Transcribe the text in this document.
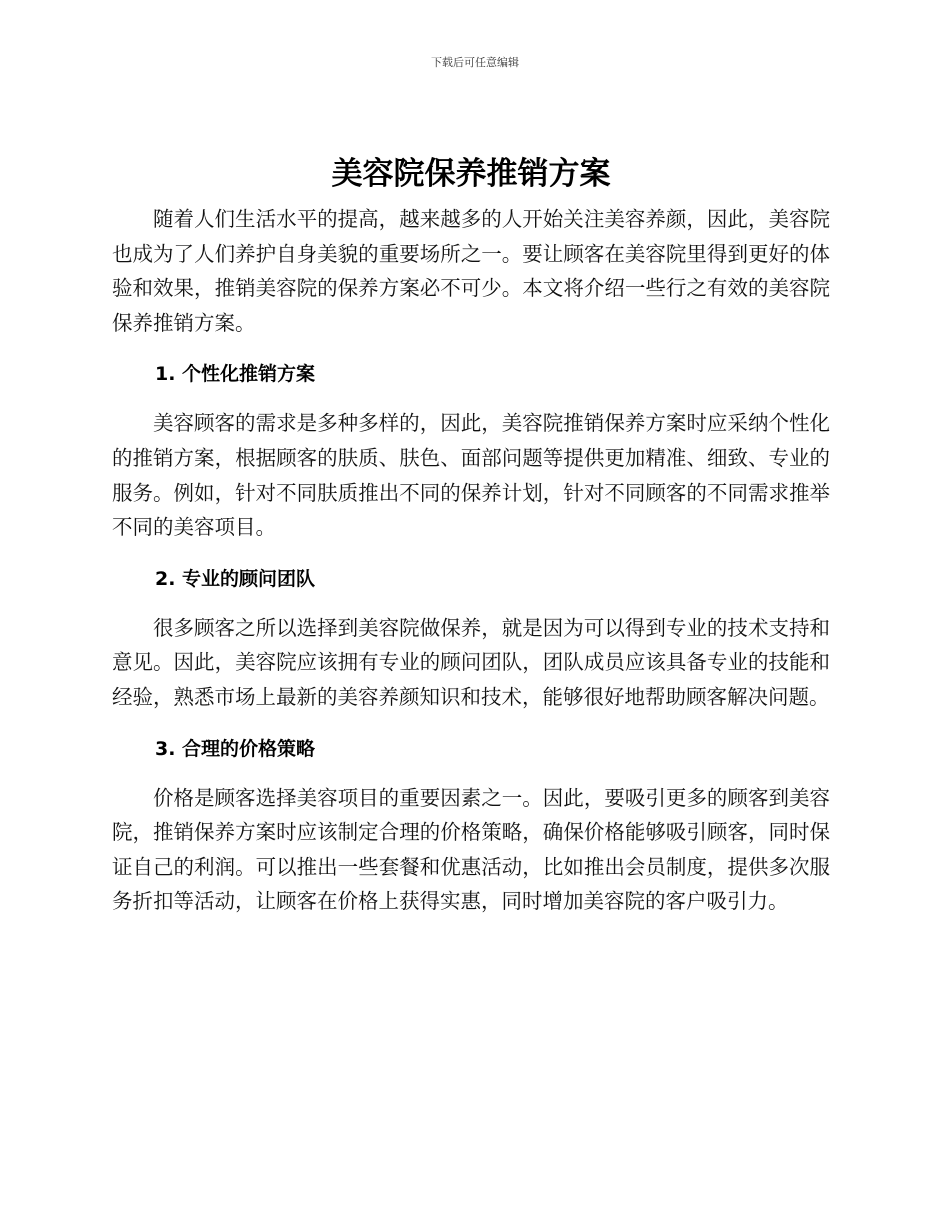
下载后可任意编辑
美容院保养推销方案

随着人们生活水平的提高，越来越多的人开始关注美容养颜，因此，美容院也成为了人们养护自身美貌的重要场所之一。要让顾客在美容院里得到更好的体验和效果，推销美容院的保养方案必不可少。本文将介绍一些行之有效的美容院保养推销方案。

1. 个性化推销方案

美容顾客的需求是多种多样的，因此，美容院推销保养方案时应采纳个性化的推销方案，根据顾客的肤质、肤色、面部问题等提供更加精准、细致、专业的服务。例如，针对不同肤质推出不同的保养计划，针对不同顾客的不同需求推举不同的美容项目。

2. 专业的顾问团队

很多顾客之所以选择到美容院做保养，就是因为可以得到专业的技术支持和意见。因此，美容院应该拥有专业的顾问团队，团队成员应该具备专业的技能和经验，熟悉市场上最新的美容养颜知识和技术，能够很好地帮助顾客解决问题。

3. 合理的价格策略

价格是顾客选择美容项目的重要因素之一。因此，要吸引更多的顾客到美容院，推销保养方案时应该制定合理的价格策略，确保价格能够吸引顾客，同时保证自己的利润。可以推出一些套餐和优惠活动，比如推出会员制度，提供多次服务折扣等活动，让顾客在价格上获得实惠，同时增加美容院的客户吸引力。
